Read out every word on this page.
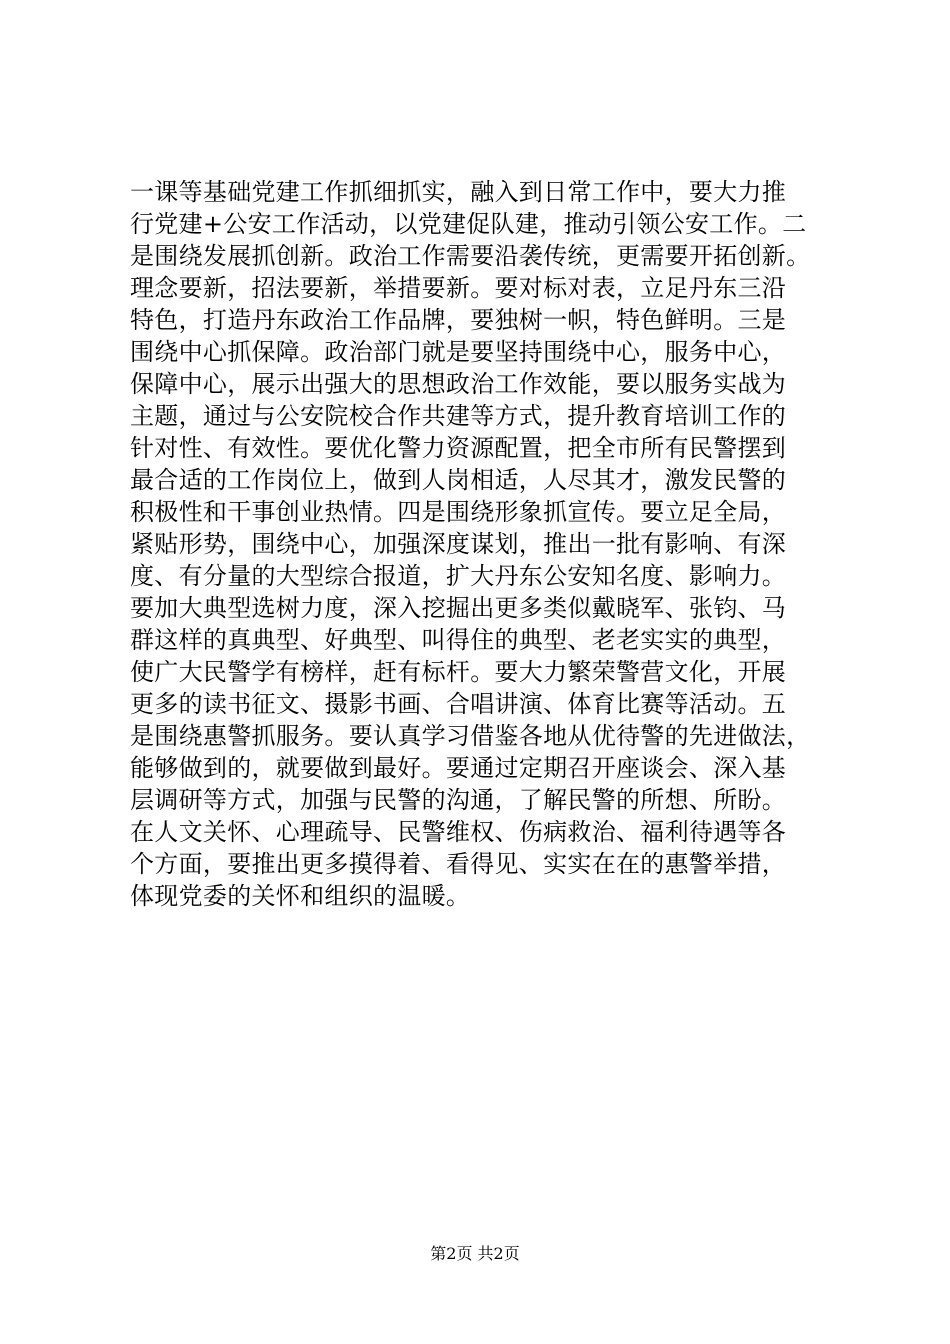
一课等基础党建工作抓细抓实，融入到日常工作中，要大力推
行党建+公安工作活动，以党建促队建，推动引领公安工作。二
是围绕发展抓创新。政治工作需要沿袭传统，更需要开拓创新。
理念要新，招法要新，举措要新。要对标对表，立足丹东三沿
特色，打造丹东政治工作品牌，要独树一帜，特色鲜明。三是
围绕中心抓保障。政治部门就是要坚持围绕中心，服务中心，
保障中心，展示出强大的思想政治工作效能，要以服务实战为
主题，通过与公安院校合作共建等方式，提升教育培训工作的
针对性、有效性。要优化警力资源配置，把全市所有民警摆到
最合适的工作岗位上，做到人岗相适，人尽其才，激发民警的
积极性和干事创业热情。四是围绕形象抓宣传。要立足全局，
紧贴形势，围绕中心，加强深度谋划，推出一批有影响、有深
度、有分量的大型综合报道，扩大丹东公安知名度、影响力。
要加大典型选树力度，深入挖掘出更多类似戴晓军、张钧、马
群这样的真典型、好典型、叫得住的典型、老老实实的典型，
使广大民警学有榜样，赶有标杆。要大力繁荣警营文化，开展
更多的读书征文、摄影书画、合唱讲演、体育比赛等活动。五
是围绕惠警抓服务。要认真学习借鉴各地从优待警的先进做法，
能够做到的，就要做到最好。要通过定期召开座谈会、深入基
层调研等方式，加强与民警的沟通，了解民警的所想、所盼。
在人文关怀、心理疏导、民警维权、伤病救治、福利待遇等各
个方面，要推出更多摸得着、看得见、实实在在的惠警举措，
体现党委的关怀和组织的温暖。
第2页 共2页
